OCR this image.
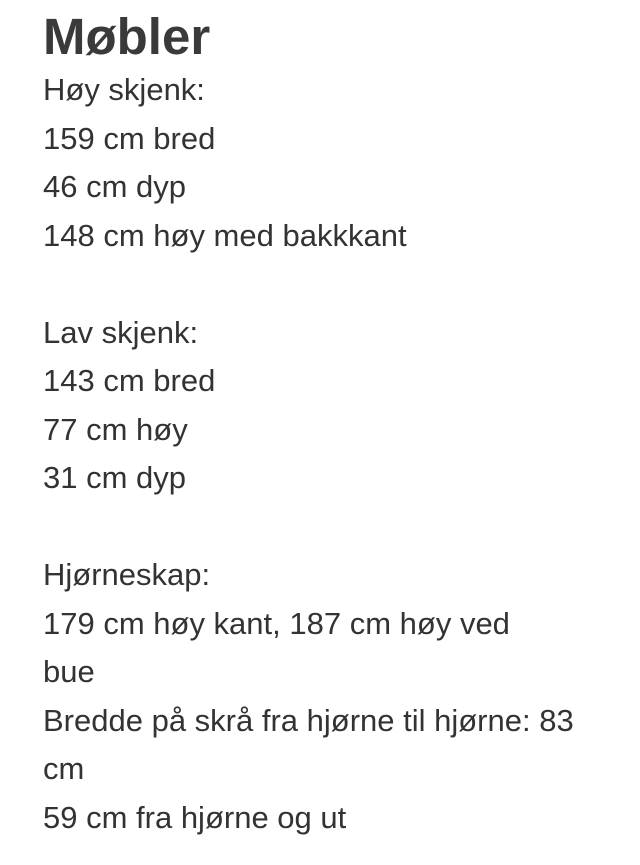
Møbler
Høy skjenk:
159 cm bred
46 cm dyp
148 cm høy med bakkkant
Lav skjenk:
143 cm bred
77 cm høy
31 cm dyp
Hjørneskap:
179 cm høy kant, 187 cm høy ved bue
Bredde på skrå fra hjørne til hjørne: 83 cm
59 cm fra hjørne og ut
